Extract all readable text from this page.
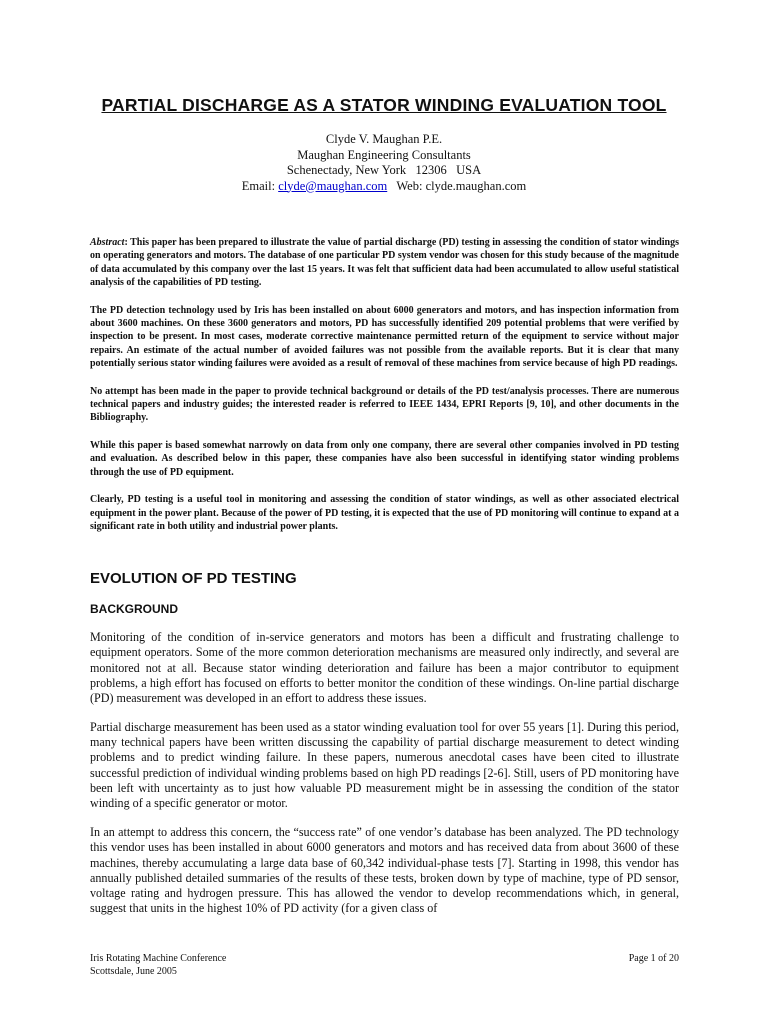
PARTIAL DISCHARGE AS A STATOR WINDING EVALUATION TOOL
Clyde V. Maughan P.E.
Maughan Engineering Consultants
Schenectady, New York   12306   USA
Email: clyde@maughan.com   Web: clyde.maughan.com
Abstract: This paper has been prepared to illustrate the value of partial discharge (PD) testing in assessing the condition of stator windings on operating generators and motors. The database of one particular PD system vendor was chosen for this study because of the magnitude of data accumulated by this company over the last 15 years. It was felt that sufficient data had been accumulated to allow useful statistical analysis of the capabilities of PD testing.
The PD detection technology used by Iris has been installed on about 6000 generators and motors, and has inspection information from about 3600 machines. On these 3600 generators and motors, PD has successfully identified 209 potential problems that were verified by inspection to be present. In most cases, moderate corrective maintenance permitted return of the equipment to service without major repairs. An estimate of the actual number of avoided failures was not possible from the available reports. But it is clear that many potentially serious stator winding failures were avoided as a result of removal of these machines from service because of high PD readings.
No attempt has been made in the paper to provide technical background or details of the PD test/analysis processes. There are numerous technical papers and industry guides; the interested reader is referred to IEEE 1434, EPRI Reports [9, 10], and other documents in the Bibliography.
While this paper is based somewhat narrowly on data from only one company, there are several other companies involved in PD testing and evaluation. As described below in this paper, these companies have also been successful in identifying stator winding problems through the use of PD equipment.
Clearly, PD testing is a useful tool in monitoring and assessing the condition of stator windings, as well as other associated electrical equipment in the power plant. Because of the power of PD testing, it is expected that the use of PD monitoring will continue to expand at a significant rate in both utility and industrial power plants.
EVOLUTION OF PD TESTING
BACKGROUND
Monitoring of the condition of in-service generators and motors has been a difficult and frustrating challenge to equipment operators. Some of the more common deterioration mechanisms are measured only indirectly, and several are monitored not at all. Because stator winding deterioration and failure has been a major contributor to equipment problems, a high effort has focused on efforts to better monitor the condition of these windings. On-line partial discharge (PD) measurement was developed in an effort to address these issues.
Partial discharge measurement has been used as a stator winding evaluation tool for over 55 years [1]. During this period, many technical papers have been written discussing the capability of partial discharge measurement to detect winding problems and to predict winding failure. In these papers, numerous anecdotal cases have been cited to illustrate successful prediction of individual winding problems based on high PD readings [2-6]. Still, users of PD monitoring have been left with uncertainty as to just how valuable PD measurement might be in assessing the condition of the stator winding of a specific generator or motor.
In an attempt to address this concern, the “success rate” of one vendor’s database has been analyzed. The PD technology this vendor uses has been installed in about 6000 generators and motors and has received data from about 3600 of these machines, thereby accumulating a large data base of 60,342 individual-phase tests [7]. Starting in 1998, this vendor has annually published detailed summaries of the results of these tests, broken down by type of machine, type of PD sensor, voltage rating and hydrogen pressure. This has allowed the vendor to develop recommendations which, in general, suggest that units in the highest 10% of PD activity (for a given class of
Iris Rotating Machine Conference
Scottsdale, June 2005
Page 1 of 20
